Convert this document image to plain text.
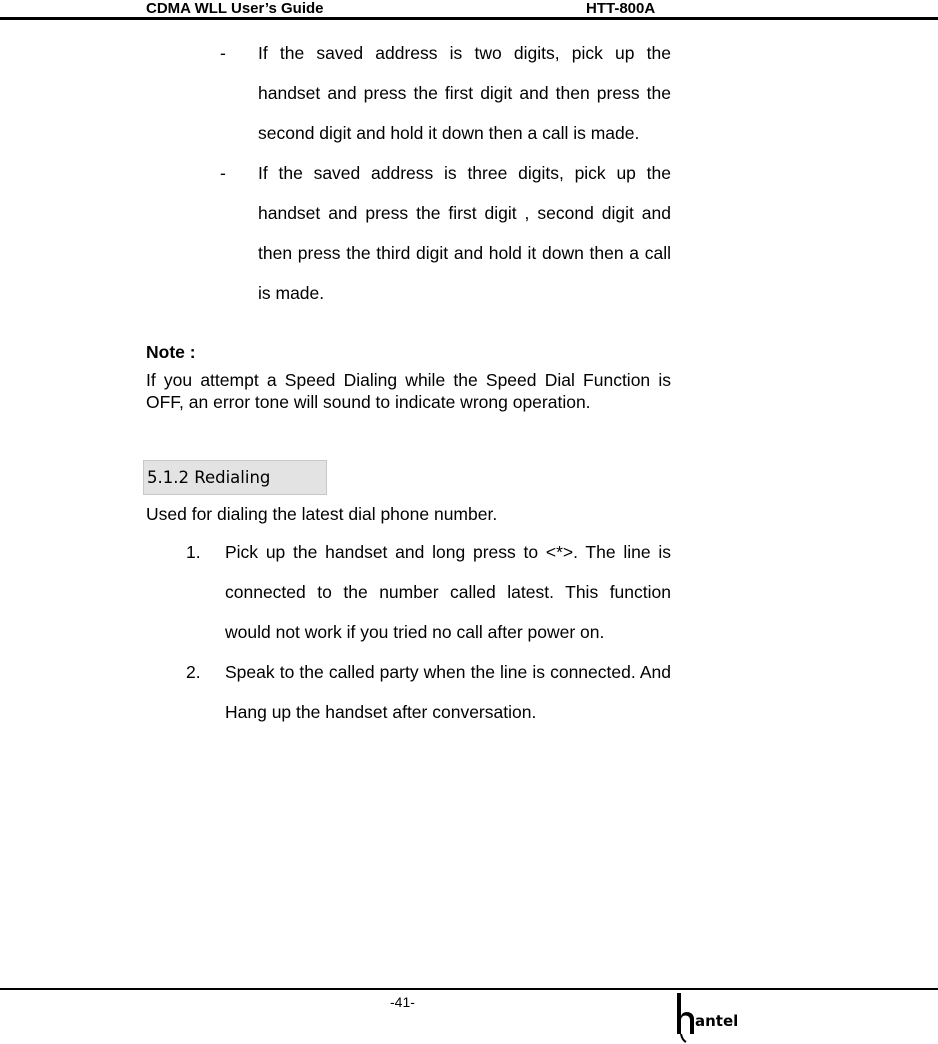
CDMA WLL User’s Guide	HTT-800A
- If the saved address is two digits, pick up the handset and press the first digit and then press the second digit and hold it down then a call is made.
- If the saved address is three digits, pick up the handset and press the first digit , second digit and then press the third digit and hold it down then a call is made.
Note :
If you attempt a Speed Dialing while the Speed Dial Function is OFF, an error tone will sound to indicate wrong operation.
5.1.2 Redialing
Used for dialing the latest dial phone number.
1. Pick up the handset and long press to <*>. The line is connected to the number called latest. This function would not work if you tried no call after power on.
2. Speak to the called party when the line is connected. And Hang up the handset after conversation.
-41-
antel
